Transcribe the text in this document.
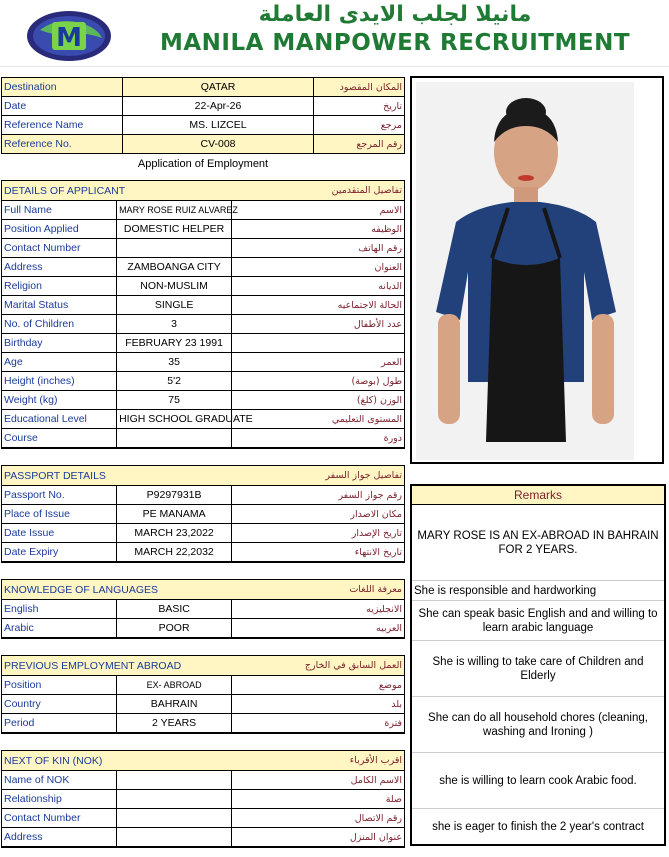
M
مانيلا لجلب الايدى العاملة
MANILA MANPOWER RECRUITMENT
Destination	QATAR	المكان المقصود
Date	22-Apr-26	تاريخ
Reference Name	MS. LIZCEL	مرجع
Reference No.	CV-008	رقم المرجع
Application of Employment
DETAILS OF APPLICANT		تفاصيل المتقدمين
Full Name	MARY ROSE RUIZ ALVAREZ	الاسم
Position Applied	DOMESTIC HELPER	الوظيفه
Contact Number		رقم الهاتف
Address	ZAMBOANGA CITY	العنوان
Religion	NON-MUSLIM	الديانه
Marital Status	SINGLE	الحالة الاجتماعيه
No. of Children	3	عدد الأطفال
Birthday	FEBRUARY 23 1991	
Age	35	العمر
Height (inches)	5'2	طول (بوصة)
Weight (kg)	75	الوزن (كلغ)
Educational Level	HIGH SCHOOL GRADUATE	المستوى التعليمي
Course		دورة
PASSPORT DETAILS		تفاصيل جواز السفر
Passport No.	P9297931B	رقم جواز السفر
Place of Issue	PE MANAMA	مكان الاصدار
Date Issue	MARCH 23,2022	تاريخ الإصدار
Date Expiry	MARCH 22,2032	تاريخ الانتهاء
KNOWLEDGE OF LANGUAGES		معرفة اللغات
English	BASIC	الانجليزيه
Arabic	POOR	العربيه
PREVIOUS EMPLOYMENT ABROAD		العمل السابق في الخارج
Position	EX- ABROAD	موضع
Country	BAHRAIN	بلد
Period	2 YEARS	فترة
NEXT OF KIN (NOK)		اقرب الأقرباء
Name of NOK		الاسم الكامل
Relationship		صلة
Contact Number		رقم الاتصال
Address		عنوان المنزل
Remarks
MARY ROSE IS AN EX-ABROAD IN BAHRAIN FOR 2 YEARS.
She is responsible and hardworking
She can speak basic English and and willing to learn arabic language
She is willing to take care of Children and Elderly
She can do all household chores (cleaning, washing and Ironing )
she is willing to learn cook Arabic food.
she is eager to finish the 2 year's contract
